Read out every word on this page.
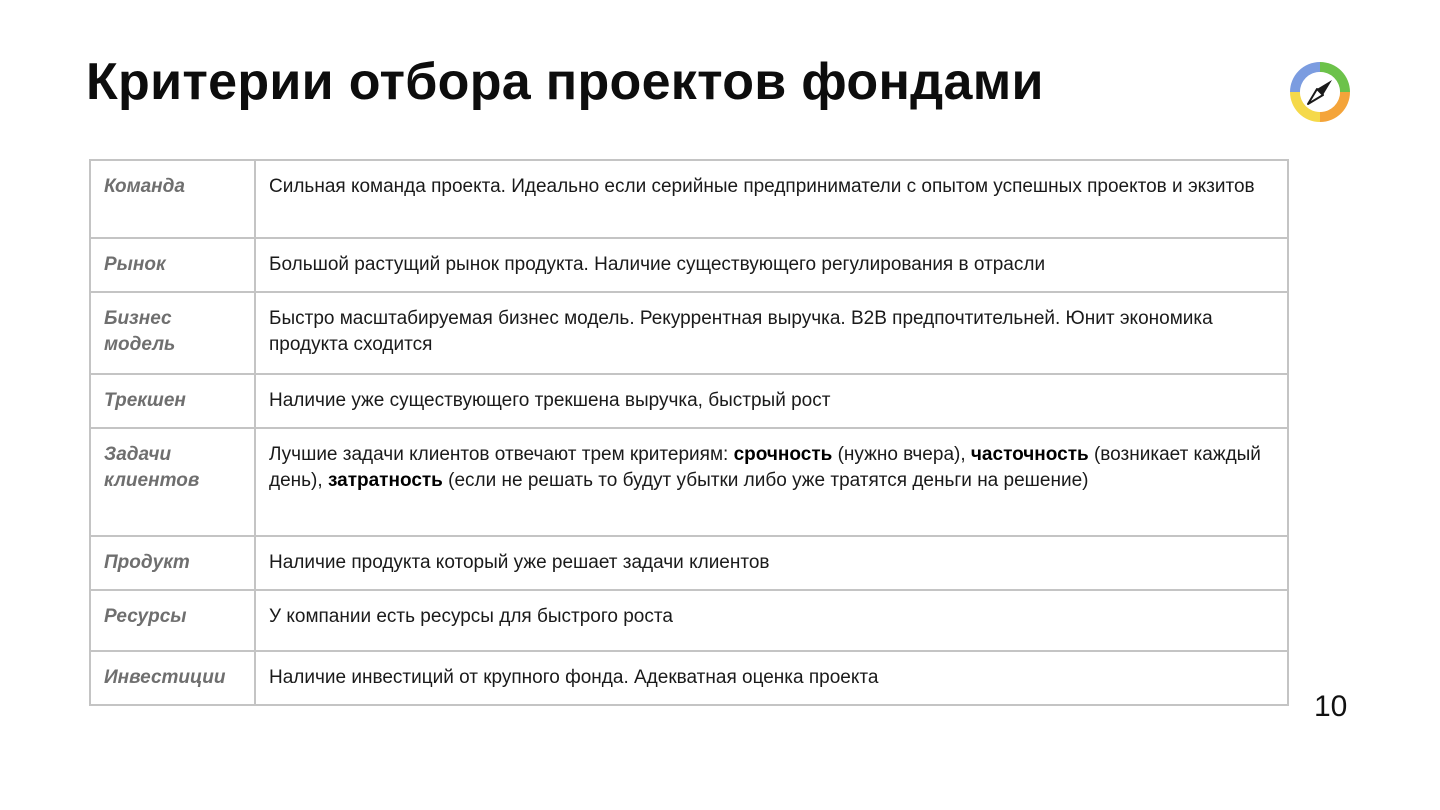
Критерии отбора проектов фондами
Команда	Сильная команда проекта. Идеально если серийные предприниматели с опытом успешных проектов и экзитов
Рынок	Большой растущий рынок продукта. Наличие существующего регулирования в отрасли
Бизнес модель	Быстро масштабируемая бизнес модель. Рекуррентная выручка. B2B предпочтительней. Юнит экономика продукта сходится
Трекшен	Наличие уже существующего трекшена выручка, быстрый рост
Задачи клиентов	Лучшие задачи клиентов отвечают трем критериям: срочность (нужно вчера), часточность (возникает каждый день), затратность (если не решать то будут убытки либо уже тратятся деньги на решение)
Продукт	Наличие продукта который уже решает задачи клиентов
Ресурсы	У компании есть ресурсы для быстрого роста
Инвестиции	Наличие инвестиций от крупного фонда. Адекватная оценка проекта
10
